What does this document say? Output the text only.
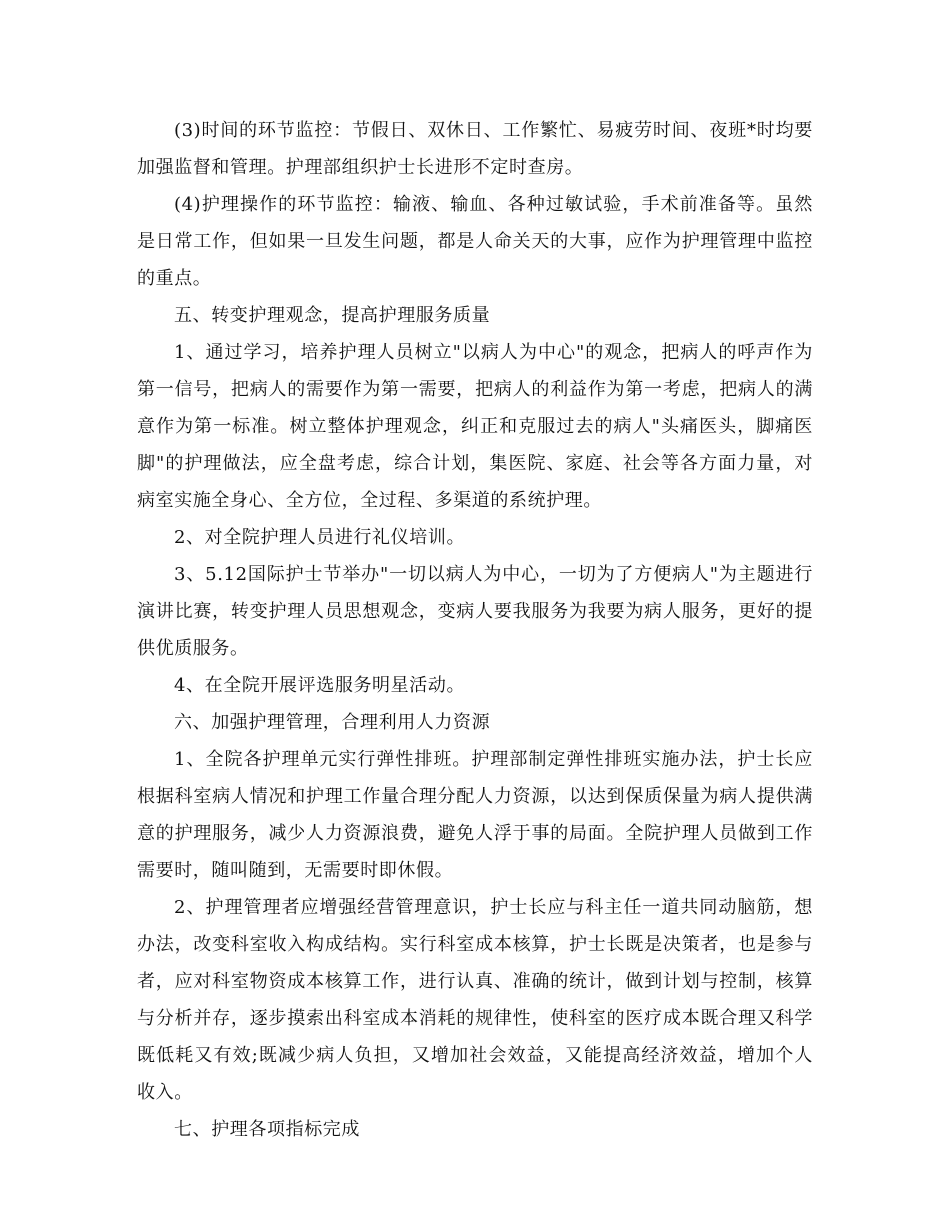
(3)时间的环节监控：节假日、双休日、工作繁忙、易疲劳时间、夜班*时均要加强监督和管理。护理部组织护士长进形不定时查房。

(4)护理操作的环节监控：输液、输血、各种过敏试验，手术前准备等。虽然是日常工作，但如果一旦发生问题，都是人命关天的大事，应作为护理管理中监控的重点。

五、转变护理观念，提高护理服务质量

1、通过学习，培养护理人员树立"以病人为中心"的观念，把病人的呼声作为第一信号，把病人的需要作为第一需要，把病人的利益作为第一考虑，把病人的满意作为第一标准。树立整体护理观念，纠正和克服过去的病人"头痛医头，脚痛医脚"的护理做法，应全盘考虑，综合计划，集医院、家庭、社会等各方面力量，对病室实施全身心、全方位，全过程、多渠道的系统护理。

2、对全院护理人员进行礼仪培训。

3、5.12国际护士节举办"一切以病人为中心，一切为了方便病人"为主题进行演讲比赛，转变护理人员思想观念，变病人要我服务为我要为病人服务，更好的提供优质服务。

4、在全院开展评选服务明星活动。

六、加强护理管理，合理利用人力资源

1、全院各护理单元实行弹性排班。护理部制定弹性排班实施办法，护士长应根据科室病人情况和护理工作量合理分配人力资源，以达到保质保量为病人提供满意的护理服务，减少人力资源浪费，避免人浮于事的局面。全院护理人员做到工作需要时，随叫随到，无需要时即休假。

2、护理管理者应增强经营管理意识，护士长应与科主任一道共同动脑筋，想办法，改变科室收入构成结构。实行科室成本核算，护士长既是决策者，也是参与者，应对科室物资成本核算工作，进行认真、准确的统计，做到计划与控制，核算与分析并存，逐步摸索出科室成本消耗的规律性，使科室的医疗成本既合理又科学既低耗又有效;既减少病人负担，又增加社会效益，又能提高经济效益，增加个人收入。

七、护理各项指标完成
